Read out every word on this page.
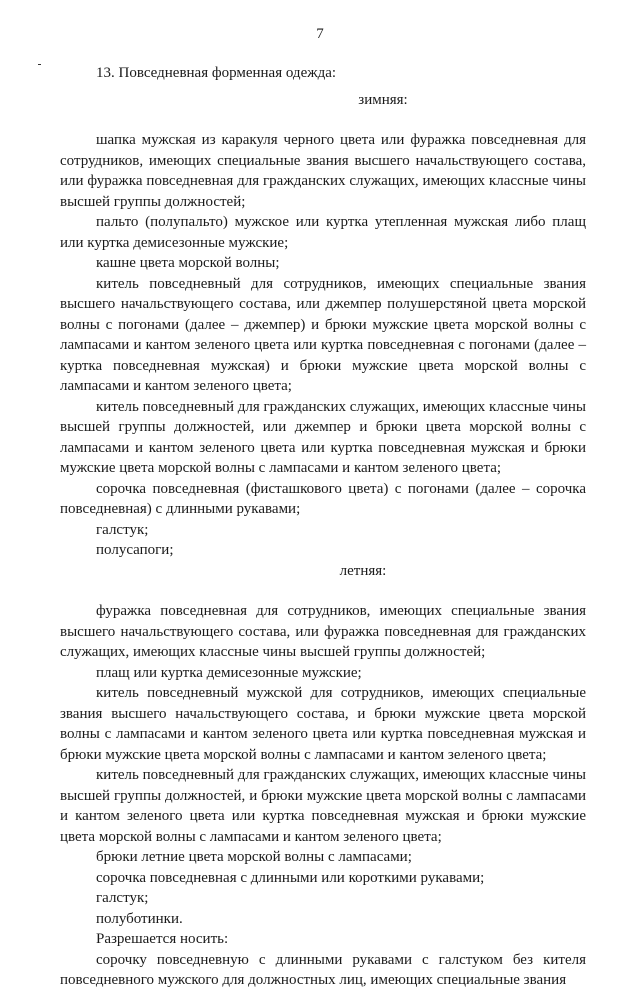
7

13. Повседневная форменная одежда:

зимняя:

шапка мужская из каракуля черного цвета или фуражка повседневная для сотрудников, имеющих специальные звания высшего начальствующего состава, или фуражка повседневная для гражданских служащих, имеющих классные чины высшей группы должностей;

пальто (полупальто) мужское или куртка утепленная мужская либо плащ или куртка демисезонные мужские;

кашне цвета морской волны;

китель повседневный для сотрудников, имеющих специальные звания высшего начальствующего состава, или джемпер полушерстяной цвета морской волны с погонами (далее – джемпер) и брюки мужские цвета морской волны с лампасами и кантом зеленого цвета или куртка повседневная с погонами (далее – куртка повседневная мужская) и брюки мужские цвета морской волны с лампасами и кантом зеленого цвета;

китель повседневный для гражданских служащих, имеющих классные чины высшей группы должностей, или джемпер и брюки цвета морской волны с лампасами и кантом зеленого цвета или куртка повседневная мужская и брюки мужские цвета морской волны с лампасами и кантом зеленого цвета;

сорочка повседневная (фисташкового цвета) с погонами (далее – сорочка повседневная) с длинными рукавами;

галстук;

полусапоги;

летняя:

фуражка повседневная для сотрудников, имеющих специальные звания высшего начальствующего состава, или фуражка повседневная для гражданских служащих, имеющих классные чины высшей группы должностей;

плащ или куртка демисезонные мужские;

китель повседневный мужской для сотрудников, имеющих специальные звания высшего начальствующего состава, и брюки мужские цвета морской волны с лампасами и кантом зеленого цвета или куртка повседневная мужская и брюки мужские цвета морской волны с лампасами и кантом зеленого цвета;

китель повседневный для гражданских служащих, имеющих классные чины высшей группы должностей, и брюки мужские цвета морской волны с лампасами и кантом зеленого цвета или куртка повседневная мужская и брюки мужские цвета морской волны с лампасами и кантом зеленого цвета;

брюки летние цвета морской волны с лампасами;

сорочка повседневная с длинными или короткими рукавами;

галстук;

полуботинки.

Разрешается носить:

сорочку повседневную с длинными рукавами с галстуком без кителя повседневного мужского для должностных лиц, имеющих специальные звания
